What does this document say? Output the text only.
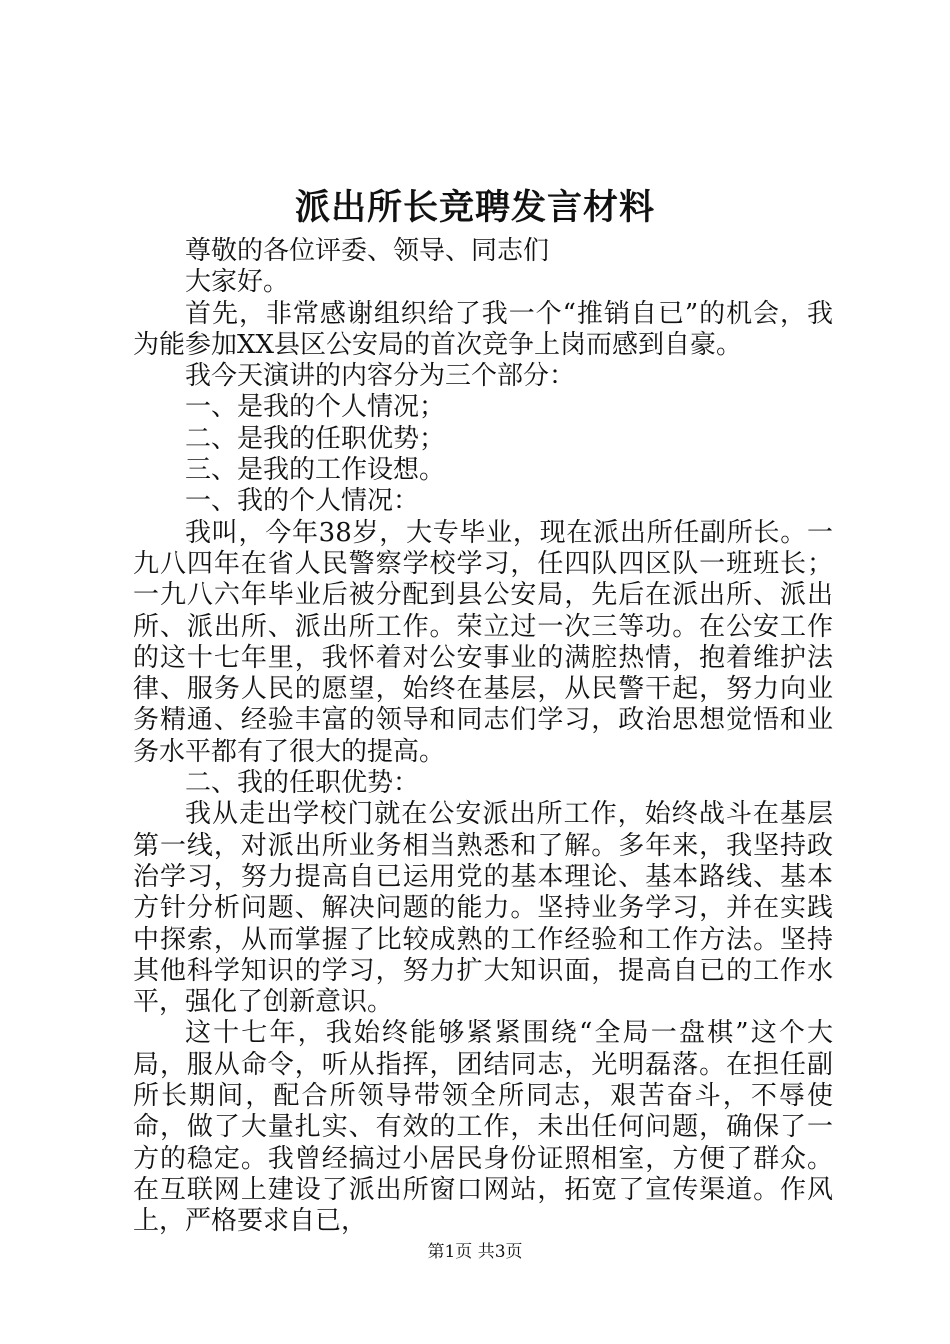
派出所长竞聘发言材料

尊敬的各位评委、领导、同志们

大家好。

首先，非常感谢组织给了我一个“推销自已”的机会，我为能参加XX县区公安局的首次竞争上岗而感到自豪。

我今天演讲的内容分为三个部分：

一、是我的个人情况；

二、是我的任职优势；

三、是我的工作设想。

一、我的个人情况：

我叫，今年38岁，大专毕业，现在派出所任副所长。一九八四年在省人民警察学校学习，任四队四区队一班班长；一九八六年毕业后被分配到县公安局，先后在派出所、派出所、派出所、派出所工作。荣立过一次三等功。在公安工作的这十七年里，我怀着对公安事业的满腔热情，抱着维护法律、服务人民的愿望，始终在基层，从民警干起，努力向业务精通、经验丰富的领导和同志们学习，政治思想觉悟和业务水平都有了很大的提高。

二、我的任职优势：

我从走出学校门就在公安派出所工作，始终战斗在基层第一线，对派出所业务相当熟悉和了解。多年来，我坚持政治学习，努力提高自已运用党的基本理论、基本路线、基本方针分析问题、解决问题的能力。坚持业务学习，并在实践中探索，从而掌握了比较成熟的工作经验和工作方法。坚持其他科学知识的学习，努力扩大知识面，提高自已的工作水平，强化了创新意识。

这十七年，我始终能够紧紧围绕“全局一盘棋”这个大局，服从命令，听从指挥，团结同志，光明磊落。在担任副所长期间，配合所领导带领全所同志，艰苦奋斗，不辱使命，做了大量扎实、有效的工作，未出任何问题，确保了一方的稳定。我曾经搞过小居民身份证照相室，方便了群众。在互联网上建设了派出所窗口网站，拓宽了宣传渠道。作风上，严格要求自已，

第1页 共3页
